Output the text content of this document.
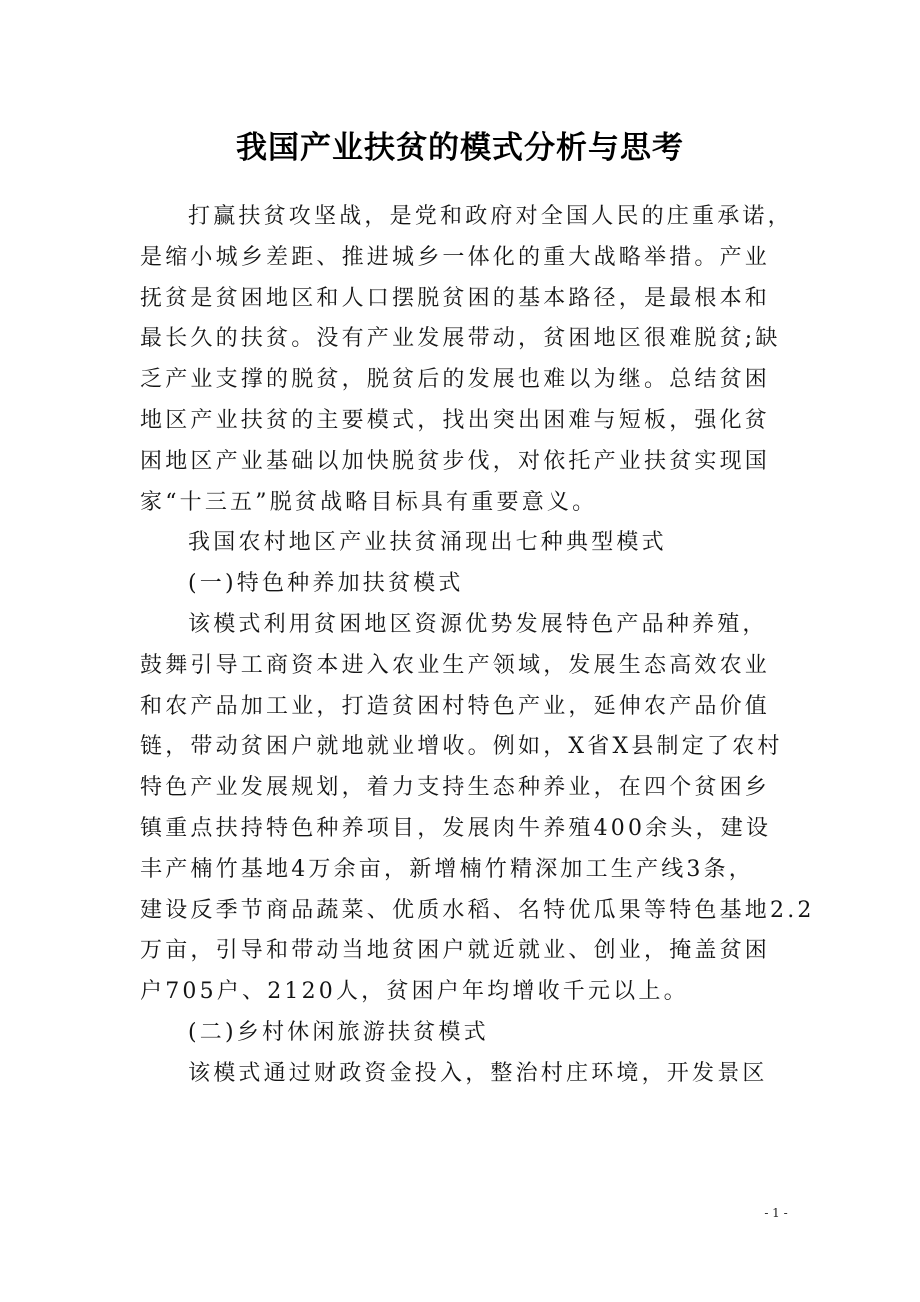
我国产业扶贫的模式分析与思考
打赢扶贫攻坚战，是党和政府对全国人民的庄重承诺，
是缩小城乡差距、推进城乡一体化的重大战略举措。产业
抚贫是贫困地区和人口摆脱贫困的基本路径，是最根本和
最长久的扶贫。没有产业发展带动，贫困地区很难脱贫;缺
乏产业支撑的脱贫，脱贫后的发展也难以为继。总结贫困
地区产业扶贫的主要模式，找出突出困难与短板，强化贫
困地区产业基础以加快脱贫步伐，对依托产业扶贫实现国
家“十三五”脱贫战略目标具有重要意义。
我国农村地区产业扶贫涌现出七种典型模式
(一)特色种养加扶贫模式
该模式利用贫困地区资源优势发展特色产品种养殖，
鼓舞引导工商资本进入农业生产领域，发展生态高效农业
和农产品加工业，打造贫困村特色产业，延伸农产品价值
链，带动贫困户就地就业增收。例如，X省X县制定了农村
特色产业发展规划，着力支持生态种养业，在四个贫困乡
镇重点扶持特色种养项目，发展肉牛养殖400余头，建设
丰产楠竹基地4万余亩，新增楠竹精深加工生产线3条，
建设反季节商品蔬菜、优质水稻、名特优瓜果等特色基地2.2
万亩，引导和带动当地贫困户就近就业、创业，掩盖贫困
户705户、2120人，贫困户年均增收千元以上。
(二)乡村休闲旅游扶贫模式
该模式通过财政资金投入，整治村庄环境，开发景区
- 1 -
